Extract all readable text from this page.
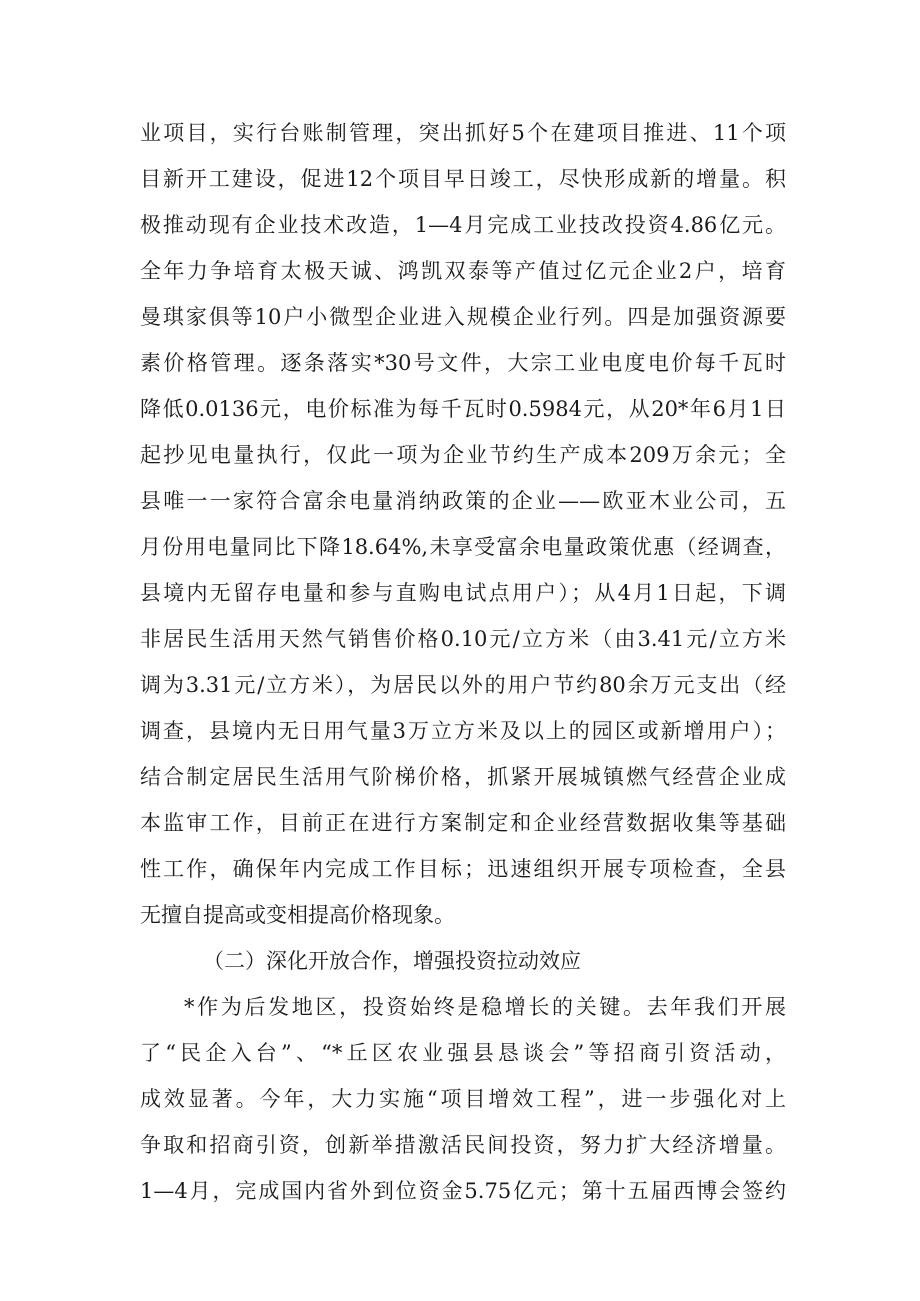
业项目，实行台账制管理，突出抓好5个在建项目推进、11个项
目新开工建设，促进12个项目早日竣工，尽快形成新的增量。积
极推动现有企业技术改造，1—4月完成工业技改投资4.86亿元。
全年力争培育太极天诚、鸿凯双泰等产值过亿元企业2户，培育
曼琪家俱等10户小微型企业进入规模企业行列。四是加强资源要
素价格管理。逐条落实*30号文件，大宗工业电度电价每千瓦时
降低0.0136元，电价标准为每千瓦时0.5984元，从20*年6月1日
起抄见电量执行，仅此一项为企业节约生产成本209万余元；全
县唯一一家符合富余电量消纳政策的企业——欧亚木业公司，五
月份用电量同比下降18.64%,未享受富余电量政策优惠（经调查，
县境内无留存电量和参与直购电试点用户）；从4月1日起，下调
非居民生活用天然气销售价格0.10元/立方米（由3.41元/立方米
调为3.31元/立方米），为居民以外的用户节约80余万元支出（经
调查，县境内无日用气量3万立方米及以上的园区或新增用户）；
结合制定居民生活用气阶梯价格，抓紧开展城镇燃气经营企业成
本监审工作，目前正在进行方案制定和企业经营数据收集等基础
性工作，确保年内完成工作目标；迅速组织开展专项检查，全县
无擅自提高或变相提高价格现象。
（二）深化开放合作，增强投资拉动效应
*作为后发地区，投资始终是稳增长的关键。去年我们开展
了“民企入台”、“*丘区农业强县恳谈会”等招商引资活动，
成效显著。今年，大力实施“项目增效工程”，进一步强化对上
争取和招商引资，创新举措激活民间投资，努力扩大经济增量。
1—4月，完成国内省外到位资金5.75亿元；第十五届西博会签约
